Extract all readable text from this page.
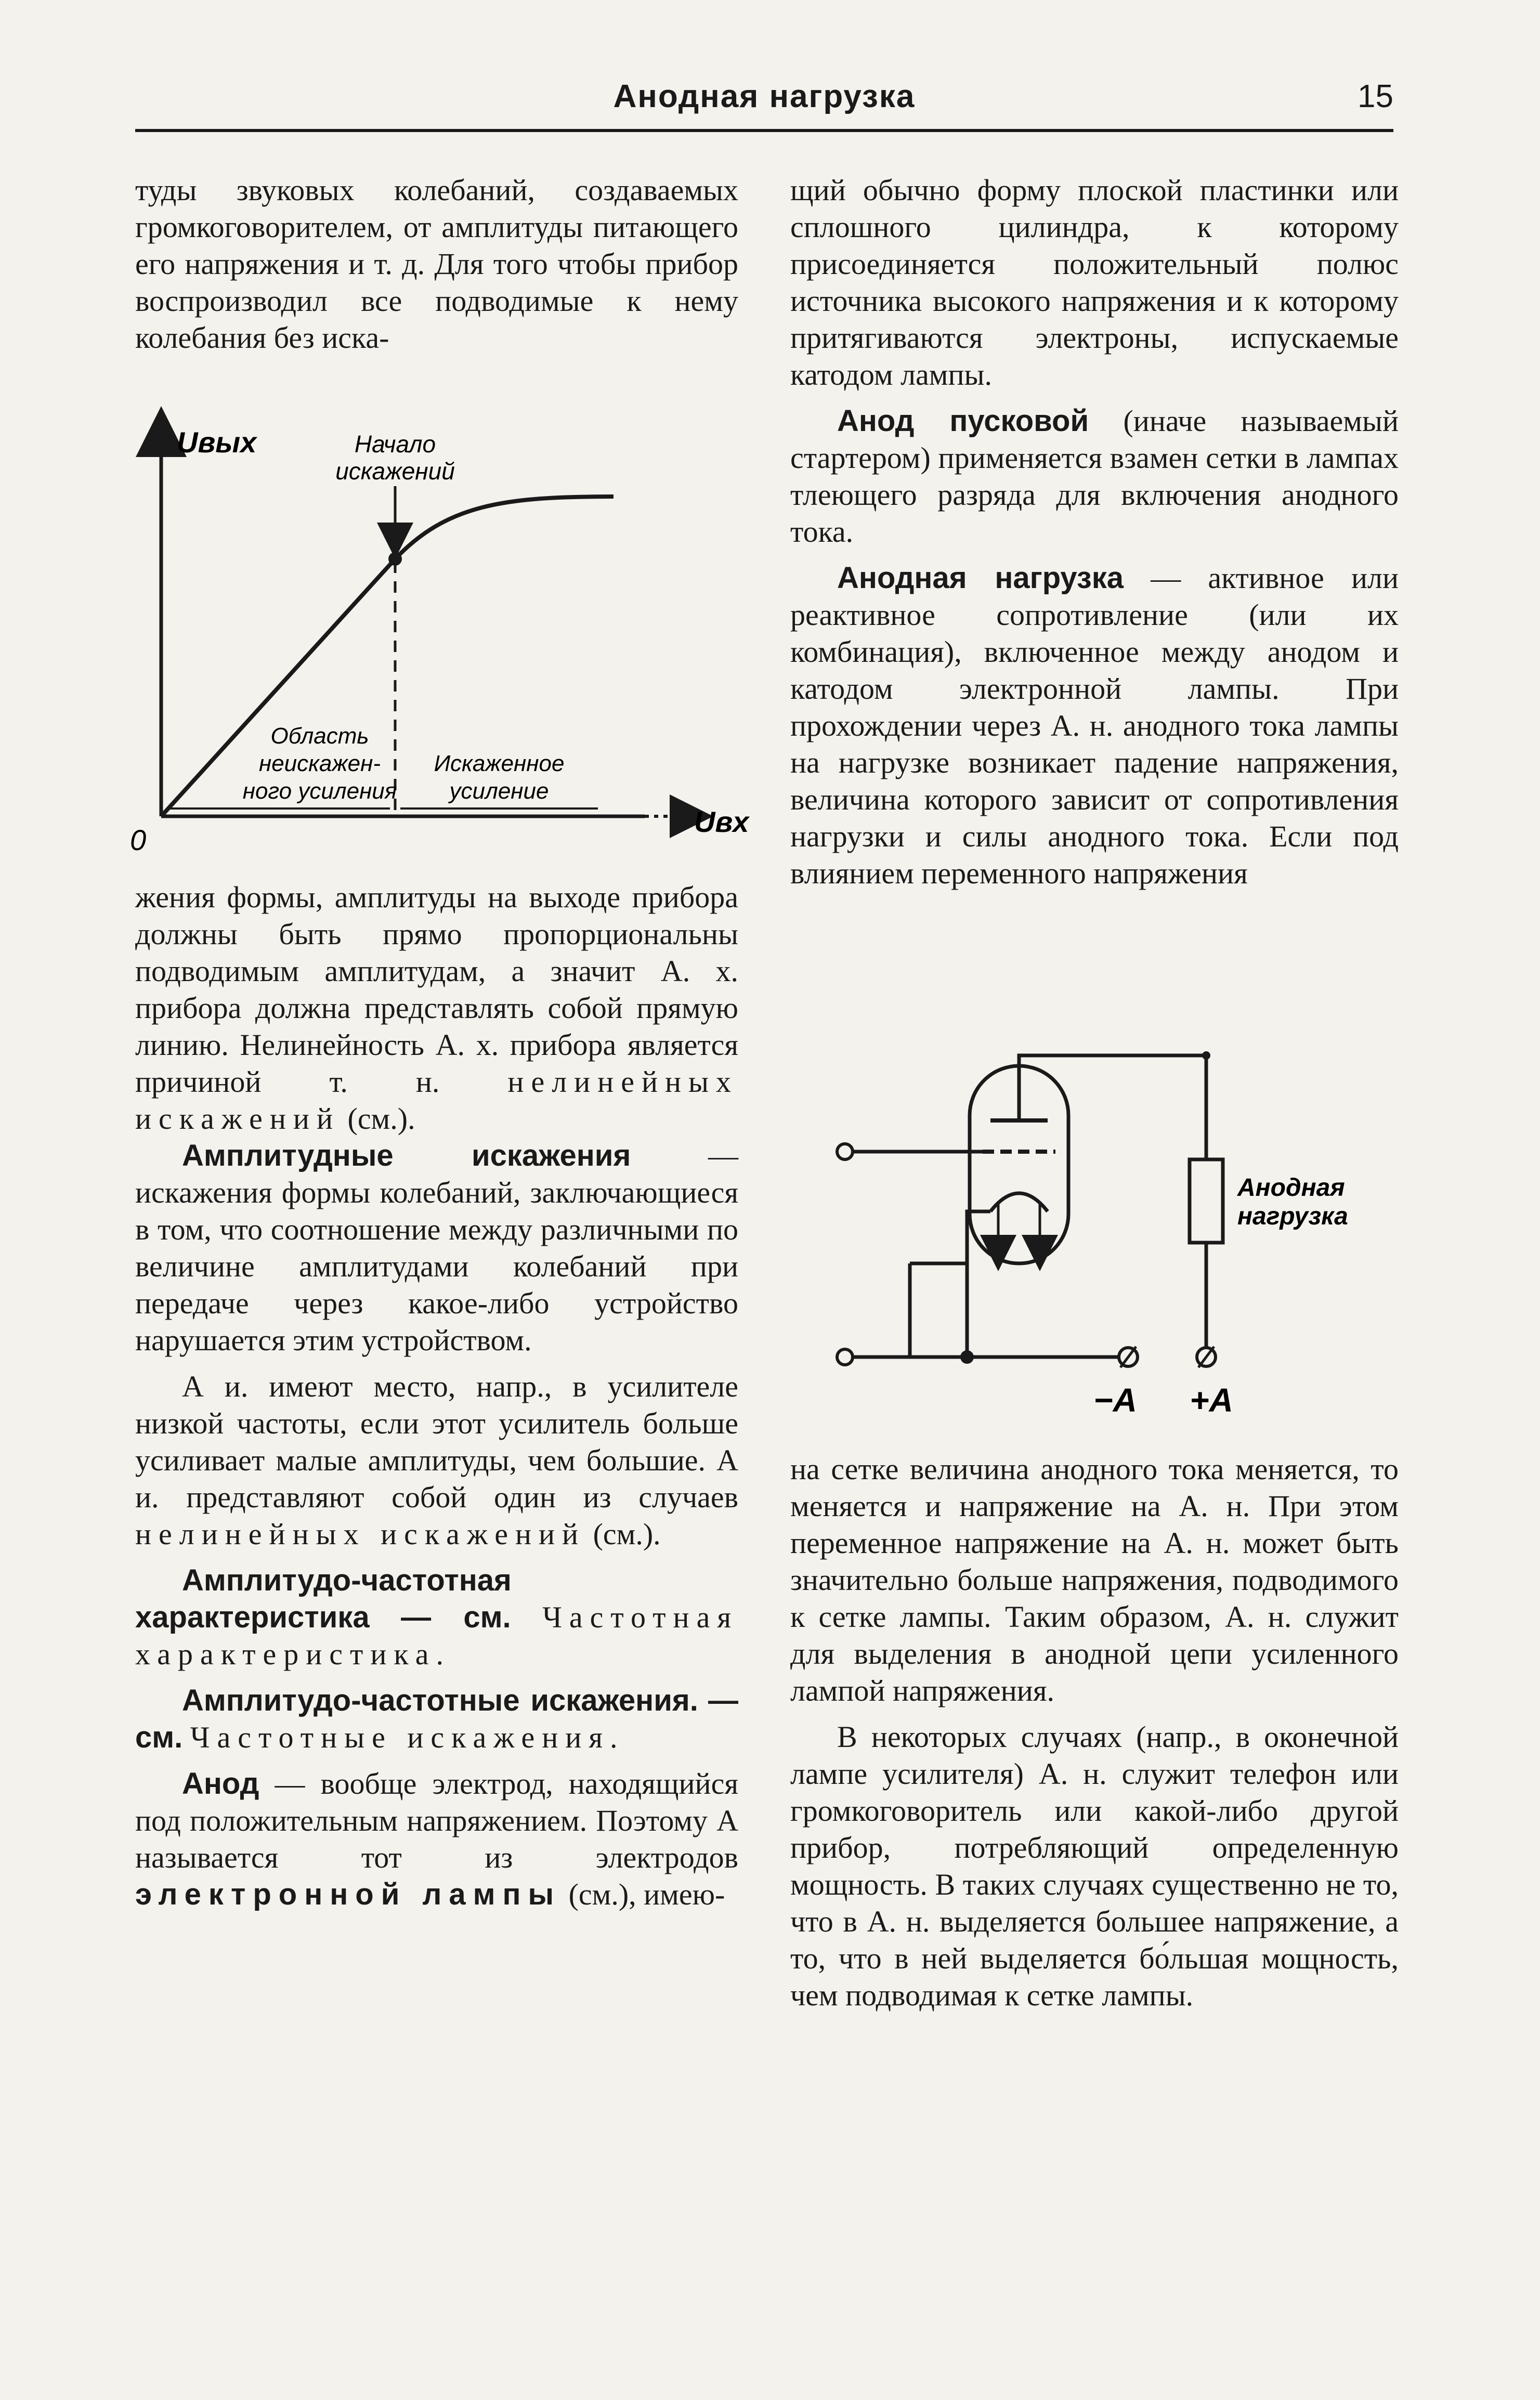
Анодная нагрузка	15

туды звуковых колебаний, создаваемых громкоговорителем, от амплитуды питающего его напряжения и т. д. Для того чтобы прибор воспроизводил все подводимые к нему колебания без иска-

Uвых
Uвх
0
Начало
искажений
Область
неискажен-
ного усиления
Искаженное
усиление

жения формы, амплитуды на выходе прибора должны быть прямо пропорциональны подводимым амплитудам, а значит А. х. прибора должна представлять собой прямую линию. Нелинейность А. х. прибора является причиной т. н. нелинейных искажений (см.).

Амплитудные искажения	— искажения формы колебаний, заключающиеся в том, что соотношение между различными по величине амплитудами колебаний при передаче через какое-либо устройство нарушается этим устройством.

А и. имеют место, напр., в усилителе низкой частоты, если этот усилитель больше усиливает малые амплитуды, чем большие. А и. представляют собой один из случаев нелинейных искажений (см.).

Амплитудо-частотная характеристика — см. Частотная характеристика.

Амплитудо-частотные искажения. — см. Частотные искажения.

Анод — вообще электрод, находящийся под положительным напряжением. Поэтому А называется тот из электродов электронной лампы (см.), имею-

щий обычно форму плоской пластинки или сплошного цилиндра, к которому присоединяется положительный полюс источника высокого напряжения и к которому притягиваются электроны, испускаемые катодом лампы.

Анод пусковой (иначе называемый стартером) применяется взамен сетки в лампах тлеющего разряда для включения анодного тока.

Анодная нагрузка — активное или реактивное сопротивление (или их комбинация), включенное между анодом и катодом электронной лампы. При прохождении через А. н. анодного тока лампы на нагрузке возникает падение напряжения, величина которого зависит от сопротивления нагрузки и силы анодного тока. Если под влиянием переменного напряжения

Анодная
нагрузка
−А +А

на сетке величина анодного тока меняется, то меняется и напряжение на А. н. При этом переменное напряжение на А. н. может быть значительно больше напряжения, подводимого к сетке лампы. Таким образом, А. н. служит для выделения в анодной цепи усиленного лампой напряжения.

В некоторых случаях (напр., в оконечной лампе усилителя) А. н. служит телефон или громкоговоритель или какой-либо другой прибор, потребляющий определенную мощность. В таких случаях существенно не то, что в А. н. выделяется большее напряжение, а то, что в ней выделяется бо́льшая мощность, чем подводимая к сетке лампы.
